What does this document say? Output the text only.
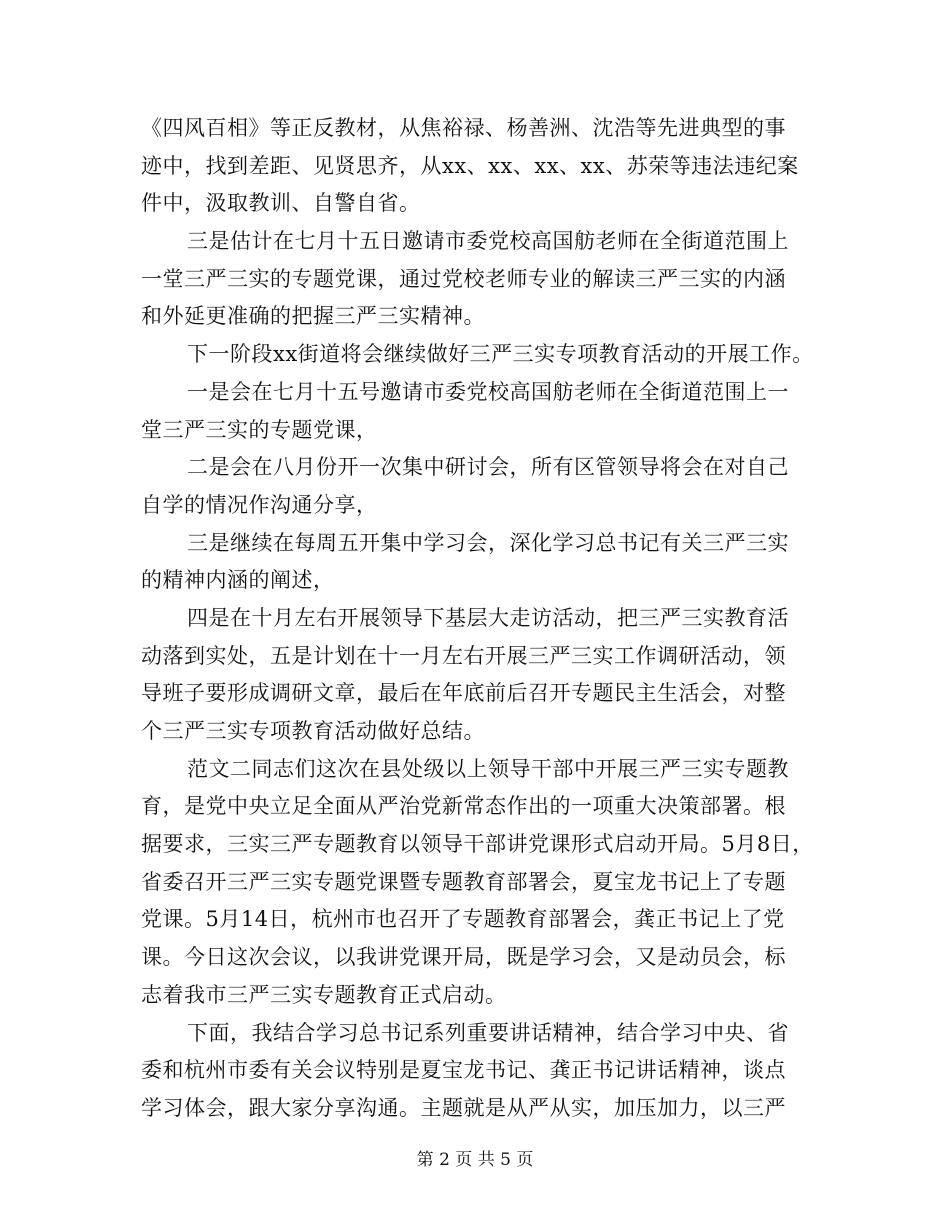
《四风百相》等正反教材，从焦裕禄、杨善洲、沈浩等先进典型的事
迹中，找到差距、见贤思齐，从xx、xx、xx、xx、苏荣等违法违纪案
件中，汲取教训、自警自省。
三是估计在七月十五日邀请市委党校高国舫老师在全街道范围上
一堂三严三实的专题党课，通过党校老师专业的解读三严三实的内涵
和外延更准确的把握三严三实精神。
下一阶段xx街道将会继续做好三严三实专项教育活动的开展工作。
一是会在七月十五号邀请市委党校高国舫老师在全街道范围上一
堂三严三实的专题党课，
二是会在八月份开一次集中研讨会，所有区管领导将会在对自己
自学的情况作沟通分享，
三是继续在每周五开集中学习会，深化学习总书记有关三严三实
的精神内涵的阐述，
四是在十月左右开展领导下基层大走访活动，把三严三实教育活
动落到实处，五是计划在十一月左右开展三严三实工作调研活动，领
导班子要形成调研文章，最后在年底前后召开专题民主生活会，对整
个三严三实专项教育活动做好总结。
范文二同志们这次在县处级以上领导干部中开展三严三实专题教
育，是党中央立足全面从严治党新常态作出的一项重大决策部署。根
据要求，三实三严专题教育以领导干部讲党课形式启动开局。5月8日，
省委召开三严三实专题党课暨专题教育部署会，夏宝龙书记上了专题
党课。5月14日，杭州市也召开了专题教育部署会，龚正书记上了党
课。今日这次会议，以我讲党课开局，既是学习会，又是动员会，标
志着我市三严三实专题教育正式启动。
下面，我结合学习总书记系列重要讲话精神，结合学习中央、省
委和杭州市委有关会议特别是夏宝龙书记、龚正书记讲话精神，谈点
学习体会，跟大家分享沟通。主题就是从严从实，加压加力，以三严
第 2 页 共 5 页
